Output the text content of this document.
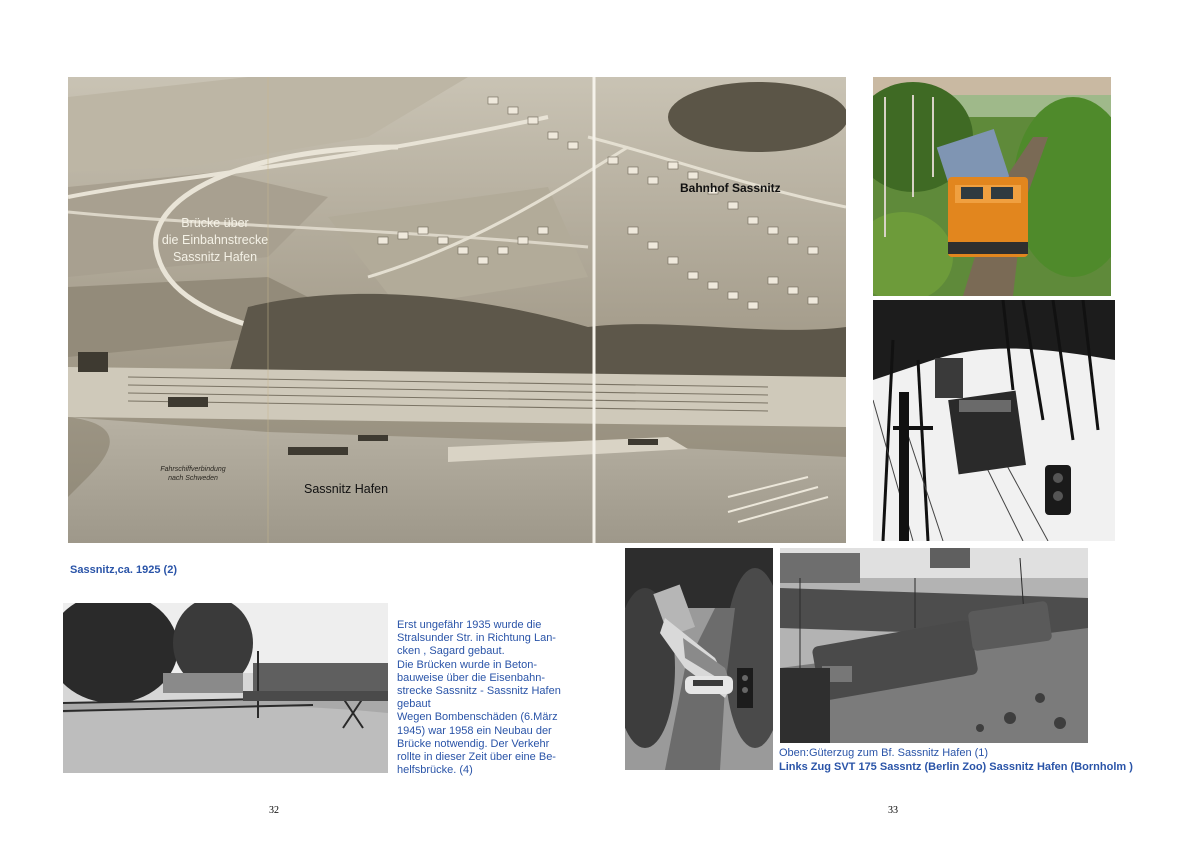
Brücke über
die Einbahnstrecke
Sassnitz Hafen
Bahnhof Sassnitz
Sassnitz Hafen
Fahrschiffverbindung
nach Schweden
Sassnitz,ca. 1925 (2)
Erst ungefähr 1935 wurde die
Stralsunder Str. in Richtung Lan-
cken , Sagard gebaut.
Die Brücken wurde in Beton-
bauweise über die Eisenbahn-
strecke Sassnitz - Sassnitz Hafen
gebaut
Wegen Bombenschäden (6.März
1945) war 1958 ein Neubau der
Brücke notwendig. Der Verkehr
rollte in dieser Zeit über eine Be-
helfsbrücke. (4)
Oben:Güterzug zum Bf. Sassnitz Hafen (1)
Links Zug SVT 175 Sassntz (Berlin Zoo) Sassnitz Hafen (Bornholm )
32	33
